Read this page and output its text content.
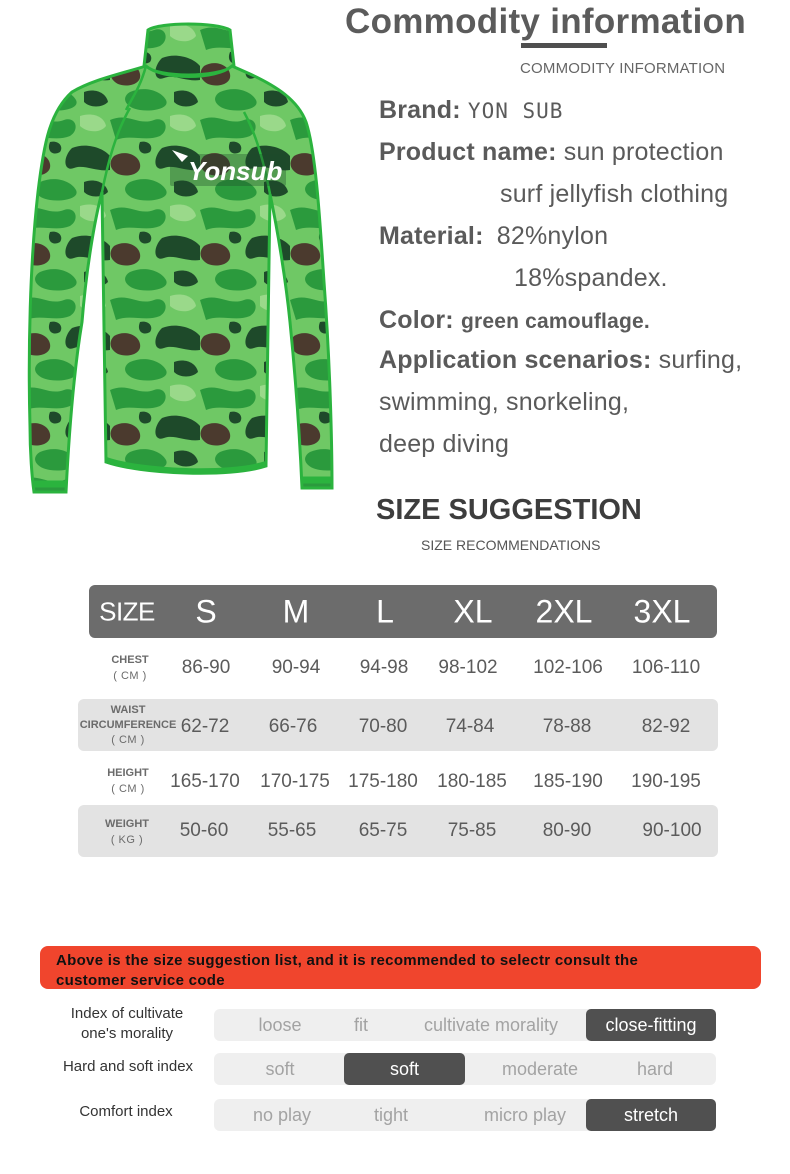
Yonsub
Commodity information
COMMODITY INFORMATION
Brand: YON SUB
Product name: sun protection
surf jellyfish clothing
Material: 82%nylon
18%spandex.
Color: green camouflage.
Application scenarios: surfing,
swimming, snorkeling,
deep diving
SIZE SUGGESTION
SIZE RECOMMENDATIONS
SIZE S M L XL 2XL 3XL
CHEST
( CM ) 86-90 90-94 94-98 98-102 102-106 106-110
WAIST
CIRCUMFERENCE
( CM )
62-72 66-76 70-80 74-84	78-88	82-92
HEIGHT
( CM ) 165-170 170-175 175-180 180-185 185-190 190-195
WEIGHT
( KG )	50-60 55-65 65-75 75-85 80-90	90-100
Above is the size suggestion list, and it is recommended to selectr consult the
customer service code
Index of cultivate
one's morality	loose	fit	cultivate morality	close-fitting
Hard and soft index	soft	soft	moderate	hard
Comfort index	no play	tight	micro play	stretch
